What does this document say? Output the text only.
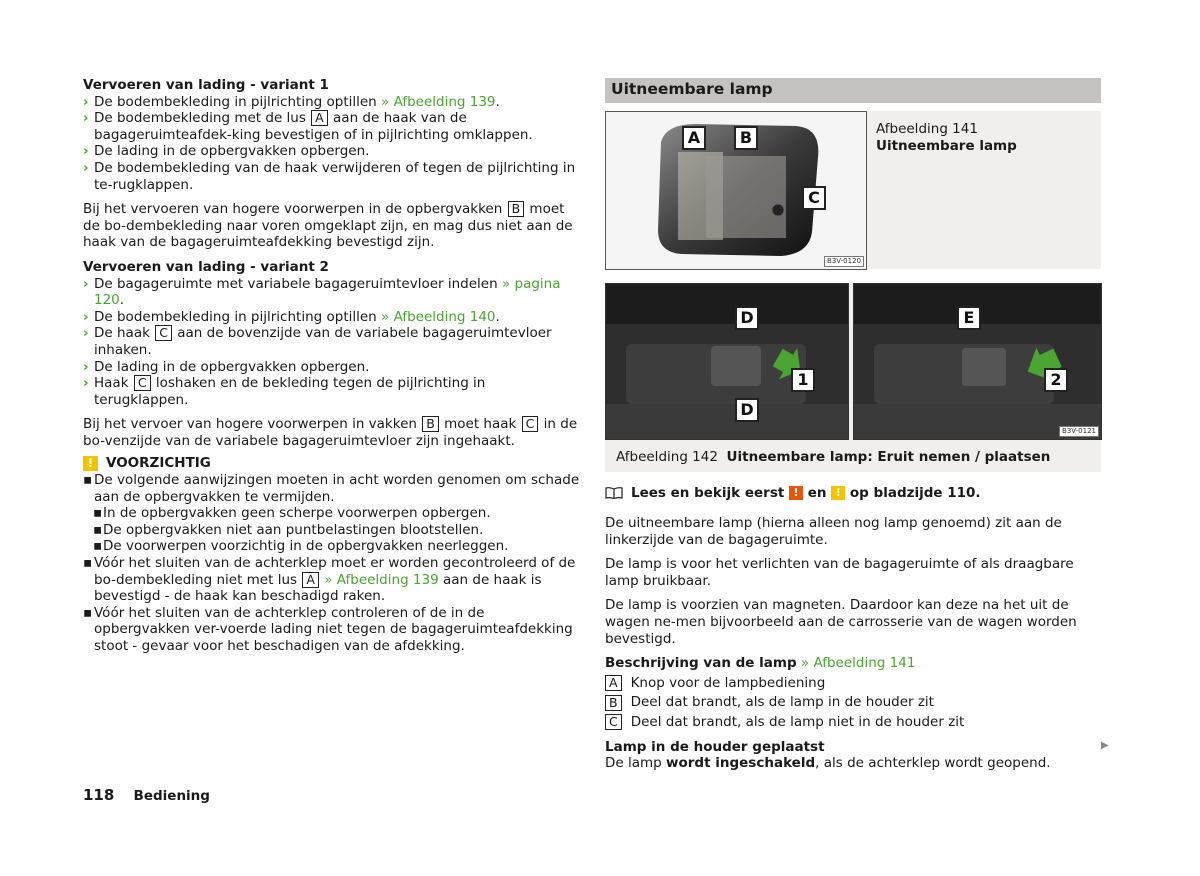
Vervoeren van lading - variant 1

› De bodembekleding in pijlrichting optillen » Afbeelding 139.

› De bodembekleding met de lus A aan de haak van de bagageruimteafdek-king bevestigen of in pijlrichting omklappen.

› De lading in de opbergvakken opbergen.

› De bodembekleding van de haak verwijderen of tegen de pijlrichting in te-rugklappen.

Bij het vervoeren van hogere voorwerpen in de opbergvakken B moet de bo-dembekleding naar voren omgeklapt zijn, en mag dus niet aan de haak van de bagageruimteafdekking bevestigd zijn.

Vervoeren van lading - variant 2

› De bagageruimte met variabele bagageruimtevloer indelen » pagina 120.

› De bodembekleding in pijlrichting optillen » Afbeelding 140.

› De haak C aan de bovenzijde van de variabele bagageruimtevloer inhaken.

› De lading in de opbergvakken opbergen.

› Haak C loshaken en de bekleding tegen de pijlrichting in terugklappen.

Bij het vervoer van hogere voorwerpen in vakken B moet haak C in de bo-venzijde van de variabele bagageruimtevloer zijn ingehaakt.

! VOORZICHTIG

▪ De volgende aanwijzingen moeten in acht worden genomen om schade aan de opbergvakken te vermijden.

▪ In de opbergvakken geen scherpe voorwerpen opbergen.

▪ De opbergvakken niet aan puntbelastingen blootstellen.

▪ De voorwerpen voorzichtig in de opbergvakken neerleggen.

▪ Vóór het sluiten van de achterklep moet er worden gecontroleerd of de bo-dembekleding niet met lus A » Afbeelding 139 aan de haak is bevestigd - de haak kan beschadigd raken.

▪ Vóór het sluiten van de achterklep controleren of de in de opbergvakken ver-voerde lading niet tegen de bagageruimteafdekking stoot - gevaar voor het beschadigen van de afdekking.

Uitneembare lamp
A	B
C
B3V-0120

Afbeelding 141

Uitneembare lamp

D
1
D
E
2
B3V-0121
Afbeelding 142 Uitneembare lamp: Eruit nemen / plaatsen
Lees en bekijk eerst
!
en
!
op bladzijde 110.

De uitneembare lamp (hierna alleen nog lamp genoemd) zit aan de linkerzijde van de bagageruimte.

De lamp is voor het verlichten van de bagageruimte of als draagbare lamp bruikbaar.

De lamp is voorzien van magneten. Daardoor kan deze na het uit de wagen ne-men bijvoorbeeld aan de carrosserie van de wagen worden bevestigd.

Beschrijving van de lamp » Afbeelding 141

A Knop voor de lampbediening
B Deel dat brandt, als de lamp in de houder zit
C Deel dat brandt, als de lamp niet in de houder zit

Lamp in de houder geplaatst

De lamp wordt ingeschakeld, als de achterklep wordt geopend.

▶
118 Bediening
